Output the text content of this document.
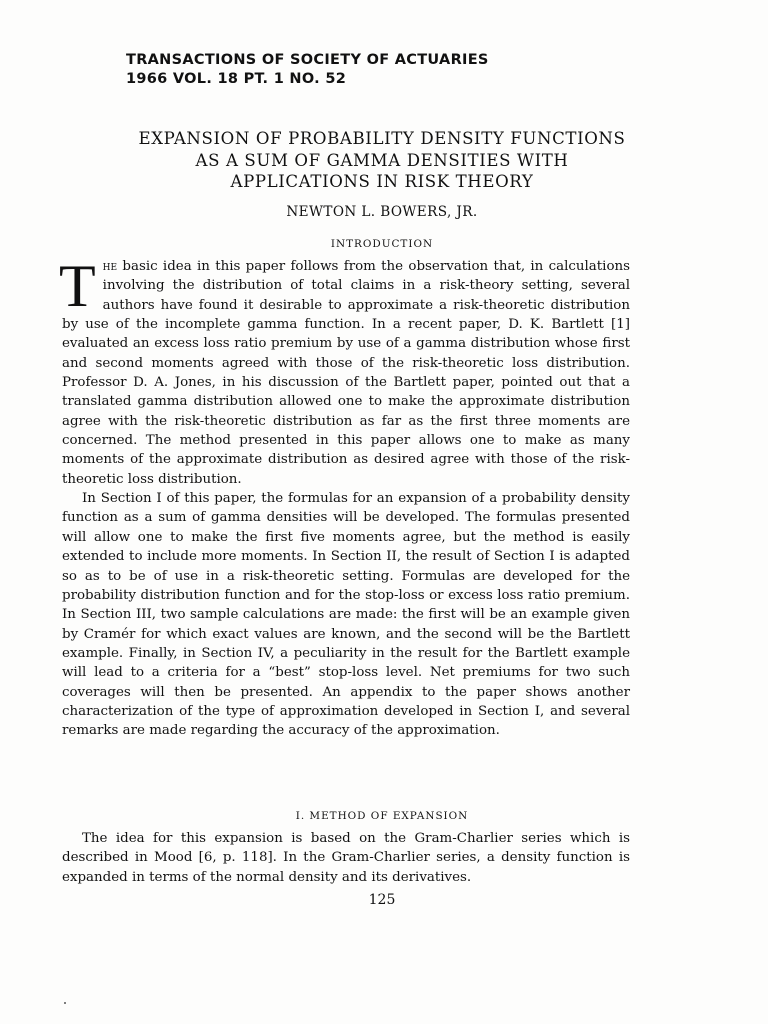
TRANSACTIONS OF SOCIETY OF ACTUARIES
1966 VOL. 18 PT. 1 NO. 52
EXPANSION OF PROBABILITY DENSITY FUNCTIONS
AS A SUM OF GAMMA DENSITIES WITH
APPLICATIONS IN RISK THEORY
NEWTON L. BOWERS, JR.
INTRODUCTION

The basic idea in this paper follows from the observation that, in calculations involving the distribution of total claims in a risk-theory setting, several authors have found it desirable to approximate a risk-theoretic distribution by use of the incomplete gamma function. In a recent paper, D. K. Bartlett [1] evaluated an excess loss ratio premium by use of a gamma distribution whose first and second moments agreed with those of the risk-theoretic loss distribution. Professor D. A. Jones, in his discussion of the Bartlett paper, pointed out that a translated gamma distribution allowed one to make the approximate distribution agree with the risk-theoretic distribution as far as the first three moments are concerned. The method presented in this paper allows one to make as many moments of the approximate distribution as desired agree with those of the risk-theoretic loss distribution.

In Section I of this paper, the formulas for an expansion of a probability density function as a sum of gamma densities will be developed. The formulas presented will allow one to make the first five moments agree, but the method is easily extended to include more moments. In Section II, the result of Section I is adapted so as to be of use in a risk-theoretic setting. Formulas are developed for the probability distribution function and for the stop-loss or excess loss ratio premium. In Section III, two sample calculations are made: the first will be an example given by Cramér for which exact values are known, and the second will be the Bartlett example. Finally, in Section IV, a peculiarity in the result for the Bartlett example will lead to a criteria for a “best” stop-loss level. Net premiums for two such coverages will then be presented. An appendix to the paper shows another characterization of the type of approximation developed in Section I, and several remarks are made regarding the accuracy of the approximation.

I. METHOD OF EXPANSION

The idea for this expansion is based on the Gram-Charlier series which is described in Mood [6, p. 118]. In the Gram-Charlier series, a density function is expanded in terms of the normal density and its derivatives.

125
